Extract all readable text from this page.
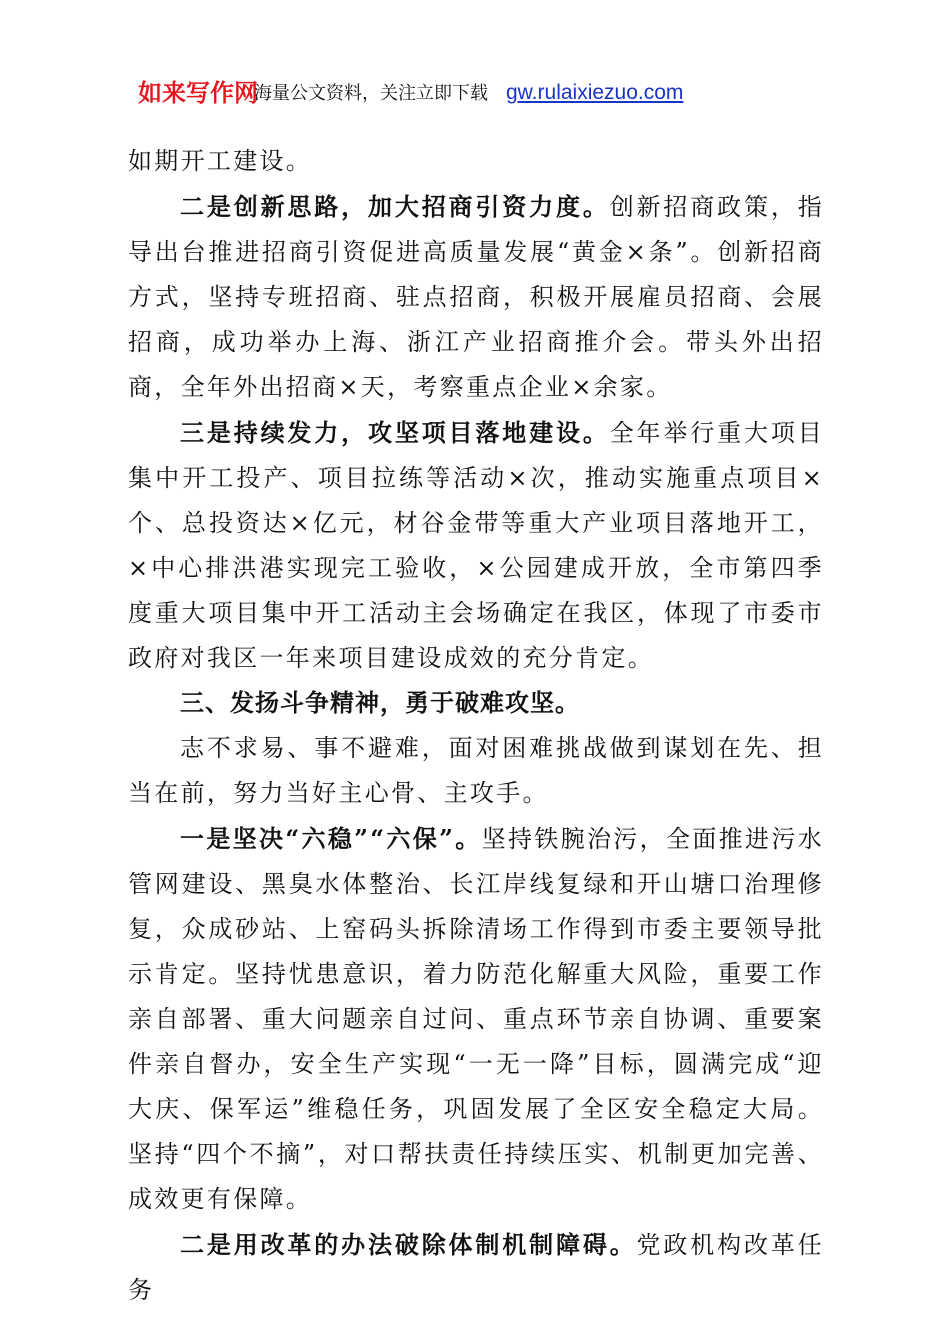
如来写作网
海量公文资料，关注立即下载 gw.rulaixiezuo.com

如期开工建设。

二是创新思路，加大招商引资力度。创新招商政策，指导出台推进招商引资促进高质量发展“黄金×条”。创新招商方式，坚持专班招商、驻点招商，积极开展雇员招商、会展招商，成功举办上海、浙江产业招商推介会。带头外出招商，全年外出招商×天，考察重点企业×余家。

三是持续发力，攻坚项目落地建设。全年举行重大项目集中开工投产、项目拉练等活动×次，推动实施重点项目×个、总投资达×亿元，材谷金带等重大产业项目落地开工，×中心排洪港实现完工验收，×公园建成开放，全市第四季度重大项目集中开工活动主会场确定在我区，体现了市委市政府对我区一年来项目建设成效的充分肯定。

三、发扬斗争精神，勇于破难攻坚。

志不求易、事不避难，面对困难挑战做到谋划在先、担当在前，努力当好主心骨、主攻手。

一是坚决“六稳”“六保”。坚持铁腕治污，全面推进污水管网建设、黑臭水体整治、长江岸线复绿和开山塘口治理修复，众成砂站、上窑码头拆除清场工作得到市委主要领导批示肯定。坚持忧患意识，着力防范化解重大风险，重要工作亲自部署、重大问题亲自过问、重点环节亲自协调、重要案件亲自督办，安全生产实现“一无一降”目标，圆满完成“迎大庆、保军运”维稳任务，巩固发展了全区安全稳定大局。坚持“四个不摘”，对口帮扶责任持续压实、机制更加完善、成效更有保障。

二是用改革的办法破除体制机制障碍。党政机构改革任务
